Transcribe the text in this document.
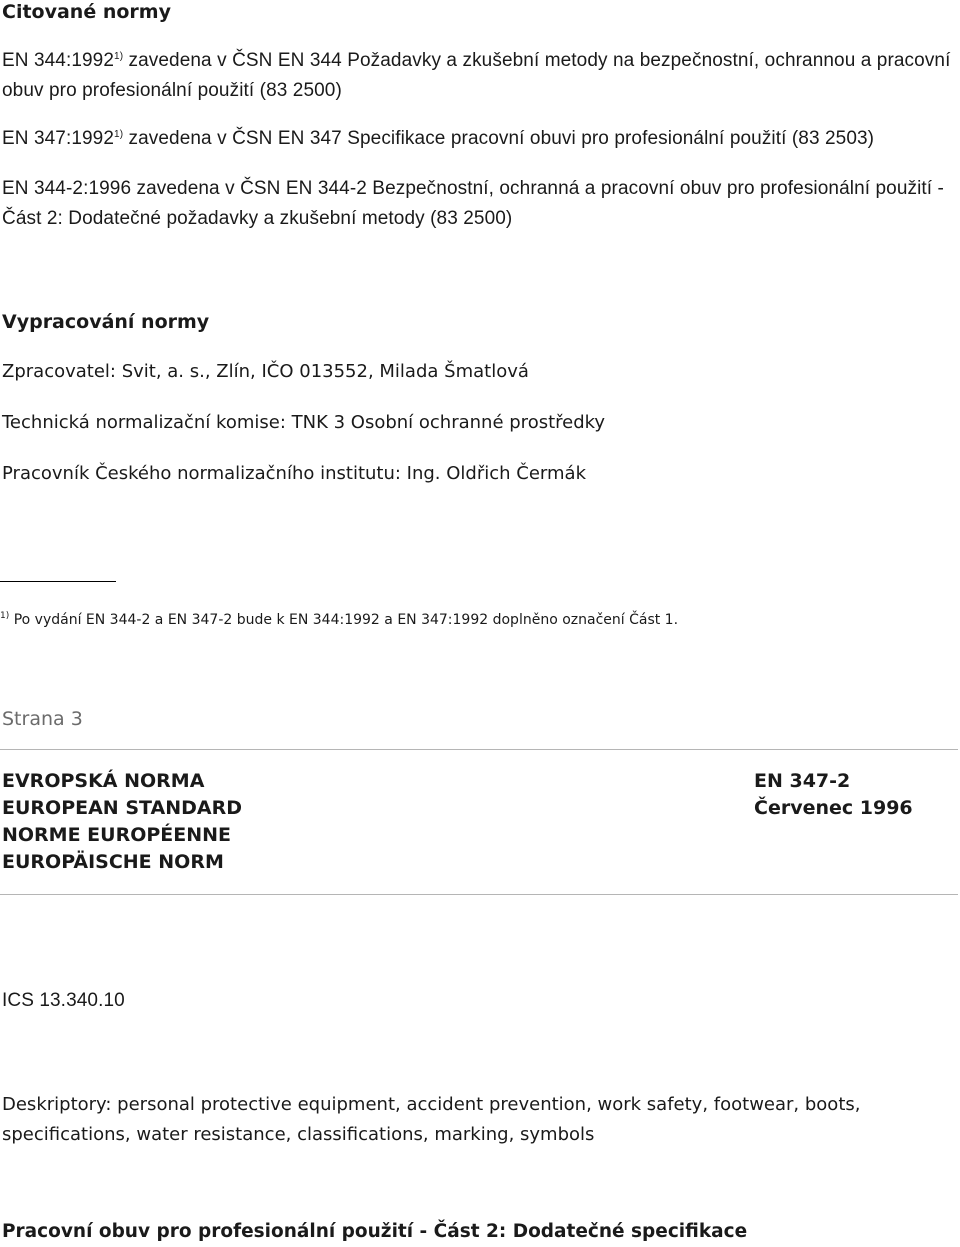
Citované normy

EN 344:1992$^{1)}$ zavedena v ČSN EN 344 Požadavky a zkušební metody na bezpečnostní, ochrannou a pracovní obuv pro profesionální použití (83 2500)

EN 347:1992$^{1)}$ zavedena v ČSN EN 347 Specifikace pracovní obuvi pro profesionální použití (83 2503)

EN 344-2:1996 zavedena v ČSN EN 344-2 Bezpečnostní, ochranná a pracovní obuv pro profesionální použití - Část 2: Dodatečné požadavky a zkušební metody (83 2500)

Vypracování normy

Zpracovatel: Svit, a. s., Zlín, IČO 013552, Milada Šmatlová

Technická normalizační komise: TNK 3 Osobní ochranné prostředky

Pracovník Českého normalizačního institutu: Ing. Oldřich Čermák

$^{1)}$ Po vydání EN 344-2 a EN 347-2 bude k EN 344:1992 a EN 347:1992 doplněno označení Část 1.

Strana 3
EVROPSKÁ NORMA
EUROPEAN STANDARD
NORME EUROPÉENNE
EUROPÄISCHE NORM
EN 347-2
Červenec 1996

ICS 13.340.10

Deskriptory: personal protective equipment, accident prevention, work safety, footwear, boots, specifications, water resistance, classifications, marking, symbols

Pracovní obuv pro profesionální použití - Část 2: Dodatečné specifikace
